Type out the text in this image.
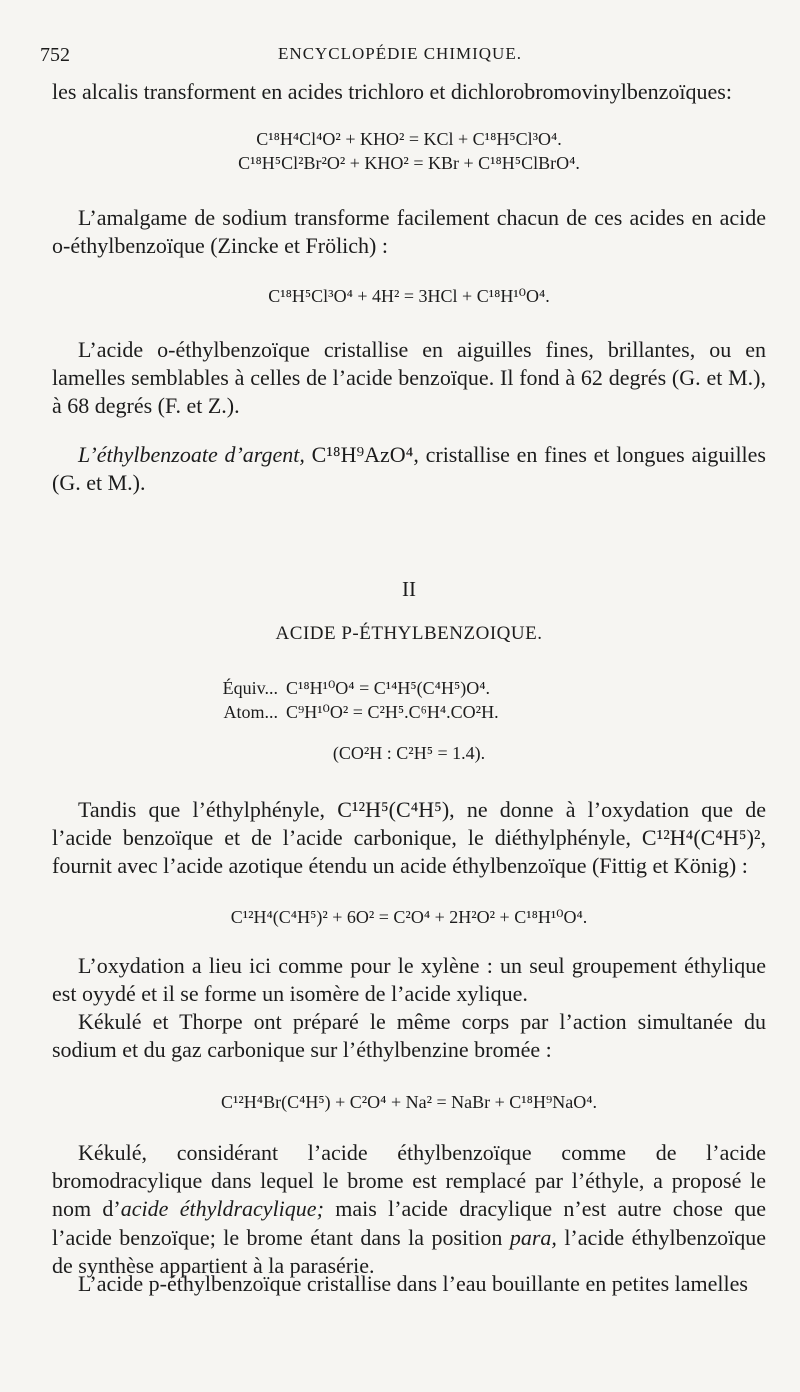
752	ENCYCLOPÉDIE CHIMIQUE.

les alcalis transforment en acides trichloro et dichlorobromovinylbenzoïques:

C¹⁸H⁴Cl⁴O² + KHO² = KCl + C¹⁸H⁵Cl³O⁴.
C¹⁸H⁵Cl²Br²O² + KHO² = KBr + C¹⁸H⁵ClBrO⁴.

L’amalgame de sodium transforme facilement chacun de ces acides en acide o-éthylbenzoïque (Zincke et Frölich) :

C¹⁸H⁵Cl³O⁴ + 4H² = 3HCl + C¹⁸H¹⁰O⁴.

L’acide o-éthylbenzoïque cristallise en aiguilles fines, brillantes, ou en lamelles semblables à celles de l’acide benzoïque. Il fond à 62 degrés (G. et M.), à 68 degrés (F. et Z.).

L’éthylbenzoate d’argent, C¹⁸H⁹AzO⁴, cristallise en fines et longues aiguilles (G. et M.).

II
ACIDE P-ÉTHYLBENZOIQUE.
Équiv... C¹⁸H¹⁰O⁴ = C¹⁴H⁵(C⁴H⁵)O⁴.
Atom... C⁹H¹⁰O² = C²H⁵.C⁶H⁴.CO²H.
(CO²H : C²H⁵ = 1.4).

Tandis que l’éthylphényle, C¹²H⁵(C⁴H⁵), ne donne à l’oxydation que de l’acide benzoïque et de l’acide carbonique, le diéthylphényle, C¹²H⁴(C⁴H⁵)², fournit avec l’acide azotique étendu un acide éthylbenzoïque (Fittig et König) :

C¹²H⁴(C⁴H⁵)² + 6O² = C²O⁴ + 2H²O² + C¹⁸H¹⁰O⁴.

L’oxydation a lieu ici comme pour le xylène : un seul groupement éthylique est oyydé et il se forme un isomère de l’acide xylique.

Kékulé et Thorpe ont préparé le même corps par l’action simultanée du sodium et du gaz carbonique sur l’éthylbenzine bromée :

C¹²H⁴Br(C⁴H⁵) + C²O⁴ + Na² = NaBr + C¹⁸H⁹NaO⁴.

Kékulé, considérant l’acide éthylbenzoïque comme de l’acide bromodracylique dans lequel le brome est remplacé par l’éthyle, a proposé le nom d’acide éthyldracylique; mais l’acide dracylique n’est autre chose que l’acide benzoïque; le brome étant dans la position para, l’acide éthylbenzoïque de synthèse appartient à la parasérie.

L’acide p-éthylbenzoïque cristallise dans l’eau bouillante en petites lamelles
